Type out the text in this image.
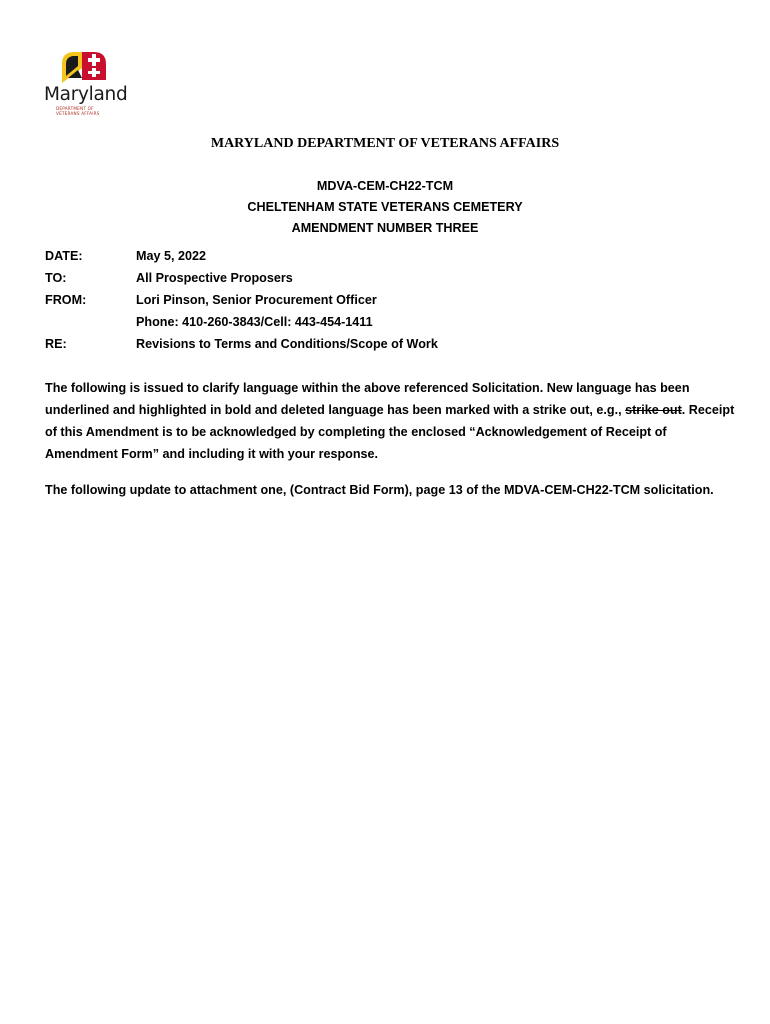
Maryland
DEPARTMENT OF VETERANS AFFAIRS
MARYLAND DEPARTMENT OF VETERANS AFFAIRS
MDVA-CEM-CH22-TCM
CHELTENHAM STATE VETERANS CEMETERY
AMENDMENT NUMBER THREE
DATE:	May 5, 2022
TO:	All Prospective Proposers
FROM:	Lori Pinson, Senior Procurement Officer
Phone: 410-260-3843/Cell: 443-454-1411
RE:	Revisions to Terms and Conditions/Scope of Work
The following is issued to clarify language within the above referenced Solicitation. New language has been underlined and highlighted in bold and deleted language has been marked with a strike out, e.g., strike out. Receipt of this Amendment is to be acknowledged by completing the enclosed “Acknowledgement of Receipt of Amendment Form” and including it with your response.
The following update to attachment one, (Contract Bid Form), page 13 of the MDVA-CEM-CH22-TCM solicitation.
